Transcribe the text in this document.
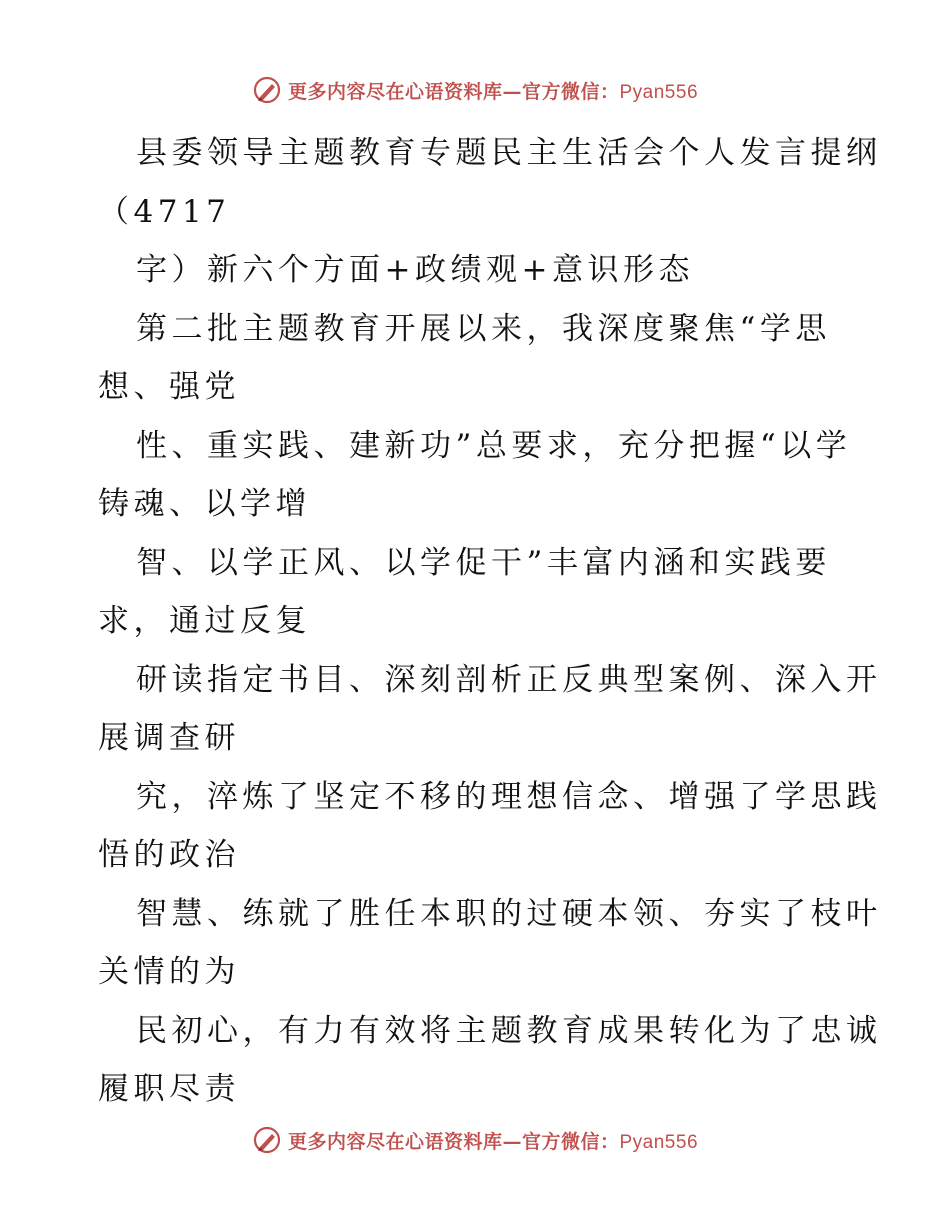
更多内容尽在心语资料库—官方微信：Pyan556
县委领导主题教育专题民主生活会个人发言提纲
（4717
字）新六个方面+政绩观+意识形态
第二批主题教育开展以来，我深度聚焦“学思
想、强党
性、重实践、建新功”总要求，充分把握“以学
铸魂、以学增
智、以学正风、以学促干”丰富内涵和实践要
求，通过反复
研读指定书目、深刻剖析正反典型案例、深入开
展调查研
究，淬炼了坚定不移的理想信念、增强了学思践
悟的政治
智慧、练就了胜任本职的过硬本领、夯实了枝叶
关情的为
民初心，有力有效将主题教育成果转化为了忠诚
履职尽责
更多内容尽在心语资料库—官方微信：Pyan556
